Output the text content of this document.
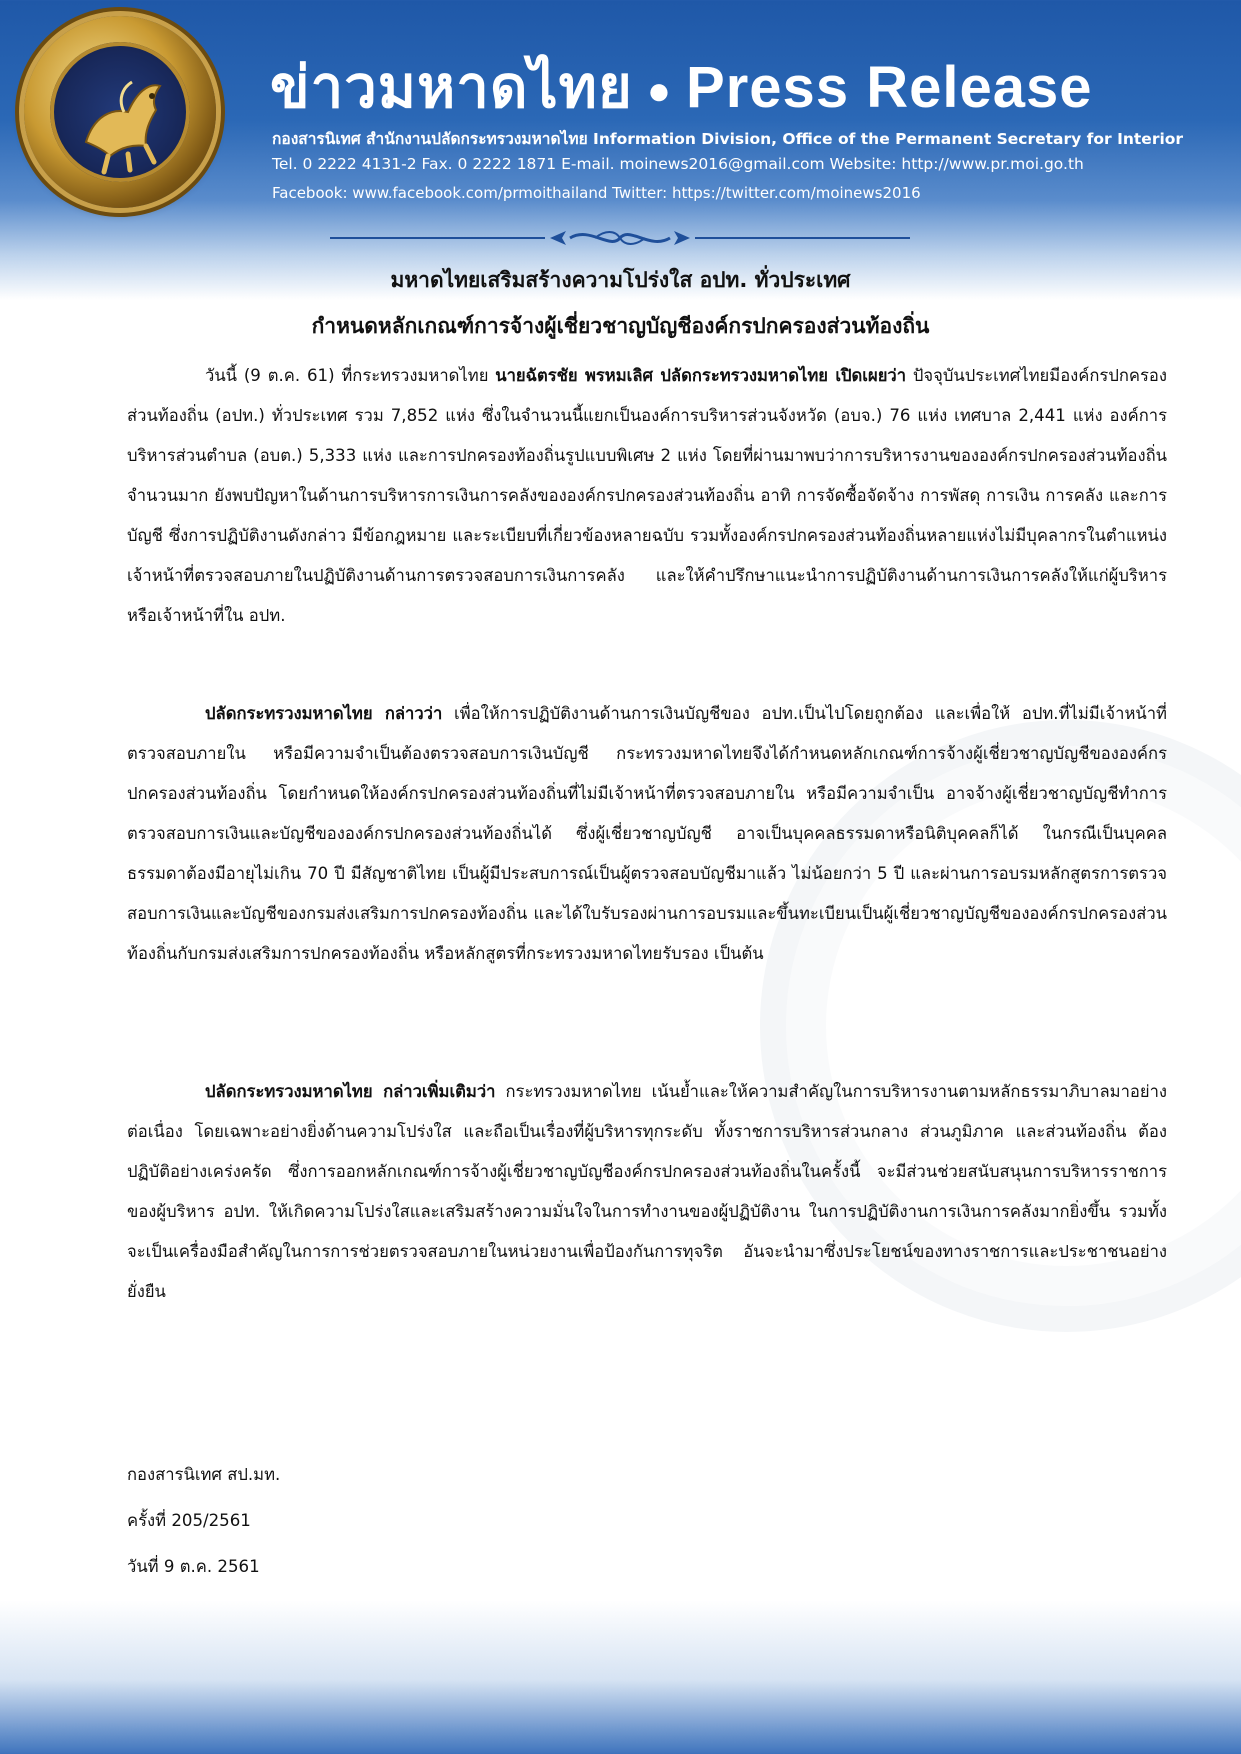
ข่าวมหาดไทย ● Press Release
กองสารนิเทศ สำนักงานปลัดกระทรวงมหาดไทย Information Division, Office of the Permanent Secretary for Interior
Tel. 0 2222 4131-2 Fax. 0 2222 1871 E-mail. moinews2016@gmail.com Website: http://www.pr.moi.go.th
Facebook: www.facebook.com/prmoithailand Twitter: https://twitter.com/moinews2016
มหาดไทยเสริมสร้างความโปร่งใส อปท. ทั่วประเทศ
กำหนดหลักเกณฑ์การจ้างผู้เชี่ยวชาญบัญชีองค์กรปกครองส่วนท้องถิ่น

วันนี้ (9 ต.ค. 61) ที่กระทรวงมหาดไทย นายฉัตรชัย พรหมเลิศ ปลัดกระทรวงมหาดไทย เปิดเผยว่า ปัจจุบันประเทศไทยมีองค์กรปกครองส่วนท้องถิ่น (อปท.) ทั่วประเทศ รวม 7,852 แห่ง ซึ่งในจำนวนนี้แยกเป็นองค์การบริหารส่วนจังหวัด (อบจ.) 76 แห่ง เทศบาล 2,441 แห่ง องค์การบริหารส่วนตำบล (อบต.) 5,333 แห่ง และการปกครองท้องถิ่นรูปแบบพิเศษ 2 แห่ง โดยที่ผ่านมาพบว่าการบริหารงานขององค์กรปกครองส่วนท้องถิ่นจำนวนมาก ยังพบปัญหาในด้านการบริหารการเงินการคลังขององค์กรปกครองส่วนท้องถิ่น อาทิ การจัดซื้อจัดจ้าง การพัสดุ การเงิน การคลัง และการบัญชี ซึ่งการปฏิบัติงานดังกล่าว มีข้อกฎหมาย และระเบียบที่เกี่ยวข้องหลายฉบับ รวมทั้งองค์กรปกครองส่วนท้องถิ่นหลายแห่งไม่มีบุคลากรในตำแหน่งเจ้าหน้าที่ตรวจสอบภายในปฏิบัติงานด้านการตรวจสอบการเงินการคลัง และให้คำปรึกษาแนะนำการปฏิบัติงานด้านการเงินการคลังให้แก่ผู้บริหารหรือเจ้าหน้าที่ใน อปท.

ปลัดกระทรวงมหาดไทย กล่าวว่า เพื่อให้การปฏิบัติงานด้านการเงินบัญชีของ อปท.เป็นไปโดยถูกต้อง และเพื่อให้ อปท.ที่ไม่มีเจ้าหน้าที่ตรวจสอบภายใน หรือมีความจำเป็นต้องตรวจสอบการเงินบัญชี กระทรวงมหาดไทยจึงได้กำหนดหลักเกณฑ์การจ้างผู้เชี่ยวชาญบัญชีขององค์กรปกครองส่วนท้องถิ่น โดยกำหนดให้องค์กรปกครองส่วนท้องถิ่นที่ไม่มีเจ้าหน้าที่ตรวจสอบภายใน หรือมีความจำเป็น อาจจ้างผู้เชี่ยวชาญบัญชีทำการตรวจสอบการเงินและบัญชีขององค์กรปกครองส่วนท้องถิ่นได้ ซึ่งผู้เชี่ยวชาญบัญชี อาจเป็นบุคคลธรรมดาหรือนิติบุคคลก็ได้ ในกรณีเป็นบุคคลธรรมดาต้องมีอายุไม่เกิน 70 ปี มีสัญชาติไทย เป็นผู้มีประสบการณ์เป็นผู้ตรวจสอบบัญชีมาแล้ว ไม่น้อยกว่า 5 ปี และผ่านการอบรมหลักสูตรการตรวจสอบการเงินและบัญชีของกรมส่งเสริมการปกครองท้องถิ่น และได้ใบรับรองผ่านการอบรมและขึ้นทะเบียนเป็นผู้เชี่ยวชาญบัญชีขององค์กรปกครองส่วนท้องถิ่นกับกรมส่งเสริมการปกครองท้องถิ่น หรือหลักสูตรที่กระทรวงมหาดไทยรับรอง เป็นต้น

ปลัดกระทรวงมหาดไทย กล่าวเพิ่มเติมว่า กระทรวงมหาดไทย เน้นย้ำและให้ความสำคัญในการบริหารงานตามหลักธรรมาภิบาลมาอย่างต่อเนื่อง โดยเฉพาะอย่างยิ่งด้านความโปร่งใส และถือเป็นเรื่องที่ผู้บริหารทุกระดับ ทั้งราชการบริหารส่วนกลาง ส่วนภูมิภาค และส่วนท้องถิ่น ต้องปฏิบัติอย่างเคร่งครัด ซึ่งการออกหลักเกณฑ์การจ้างผู้เชี่ยวชาญบัญชีองค์กรปกครองส่วนท้องถิ่นในครั้งนี้ จะมีส่วนช่วยสนับสนุนการบริหารราชการของผู้บริหาร อปท. ให้เกิดความโปร่งใสและเสริมสร้างความมั่นใจในการทำงานของผู้ปฏิบัติงาน ในการปฏิบัติงานการเงินการคลังมากยิ่งขึ้น รวมทั้งจะเป็นเครื่องมือสำคัญในการการช่วยตรวจสอบภายในหน่วยงานเพื่อป้องกันการทุจริต อันจะนำมาซึ่งประโยชน์ของทางราชการและประชาชนอย่างยั่งยืน

กองสารนิเทศ สป.มท.
ครั้งที่ 205/2561
วันที่ 9 ต.ค. 2561
